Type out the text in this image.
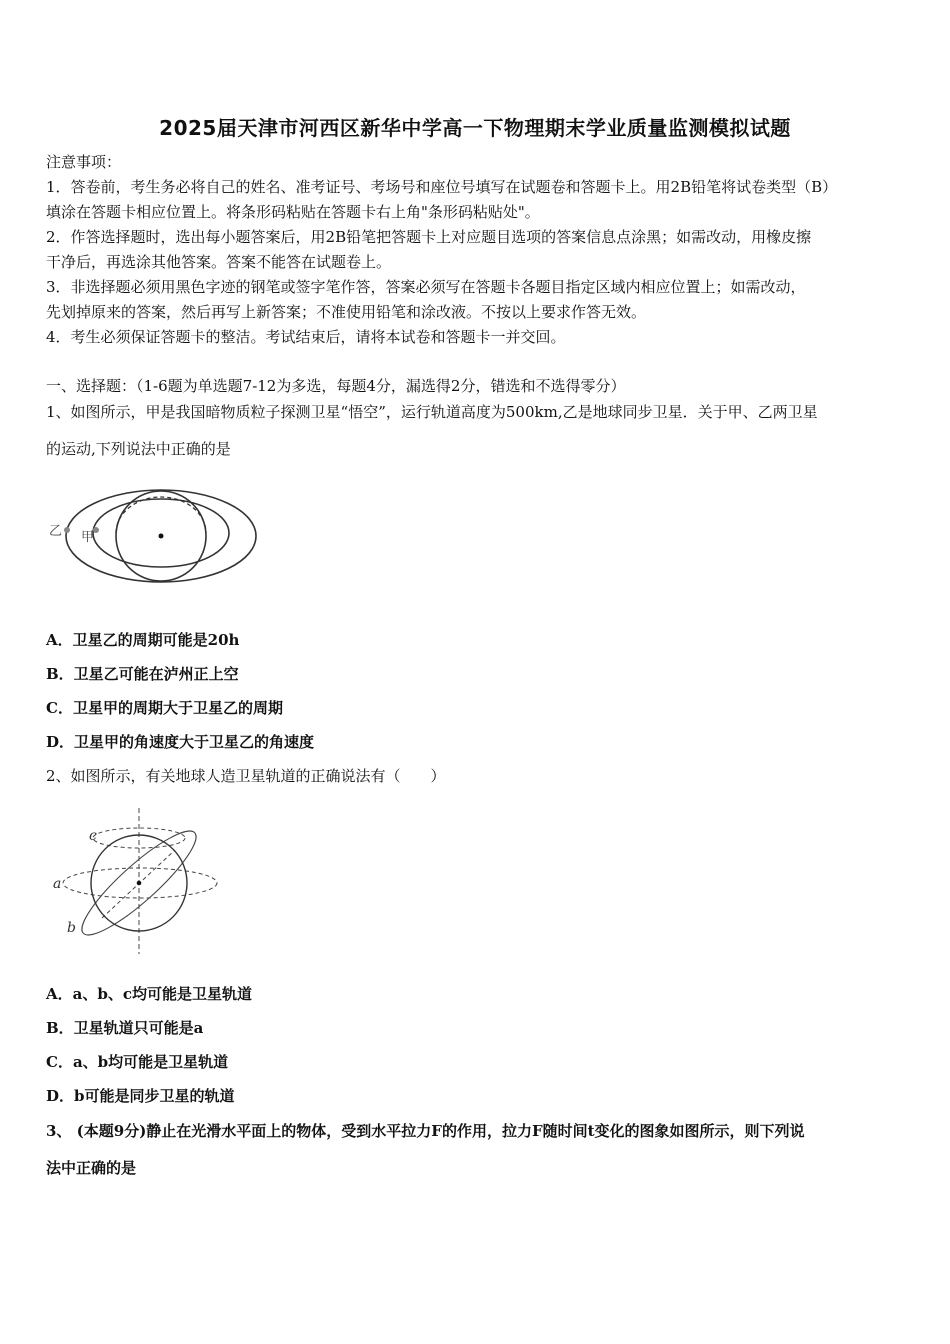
2025届天津市河西区新华中学高一下物理期末学业质量监测模拟试题
注意事项：
1．答卷前，考生务必将自己的姓名、准考证号、考场号和座位号填写在试题卷和答题卡上。用2B铅笔将试卷类型（B）
填涂在答题卡相应位置上。将条形码粘贴在答题卡右上角"条形码粘贴处"。
2．作答选择题时，选出每小题答案后，用2B铅笔把答题卡上对应题目选项的答案信息点涂黑；如需改动，用橡皮擦
干净后，再选涂其他答案。答案不能答在试题卷上。
3．非选择题必须用黑色字迹的钢笔或签字笔作答，答案必须写在答题卡各题目指定区域内相应位置上；如需改动，
先划掉原来的答案，然后再写上新答案；不准使用铅笔和涂改液。不按以上要求作答无效。
4．考生必须保证答题卡的整洁。考试结束后，请将本试卷和答题卡一并交回。
一、选择题：（1-6题为单选题7-12为多选，每题4分，漏选得2分，错选和不选得零分）
1、如图所示，甲是我国暗物质粒子探测卫星“悟空”，运行轨道高度为500km,乙是地球同步卫星．关于甲、乙两卫星
的运动,下列说法中正确的是
乙 甲
A．卫星乙的周期可能是20h
B．卫星乙可能在泸州正上空
C．卫星甲的周期大于卫星乙的周期
D．卫星甲的角速度大于卫星乙的角速度
2、如图所示，有关地球人造卫星轨道的正确说法有（　　）
c
a
b
A．a、b、c均可能是卫星轨道
B．卫星轨道只可能是a
C．a、b均可能是卫星轨道
D．b可能是同步卫星的轨道
3、 (本题9分)静止在光滑水平面上的物体，受到水平拉力F的作用，拉力F随时间t变化的图象如图所示，则下列说
法中正确的是
